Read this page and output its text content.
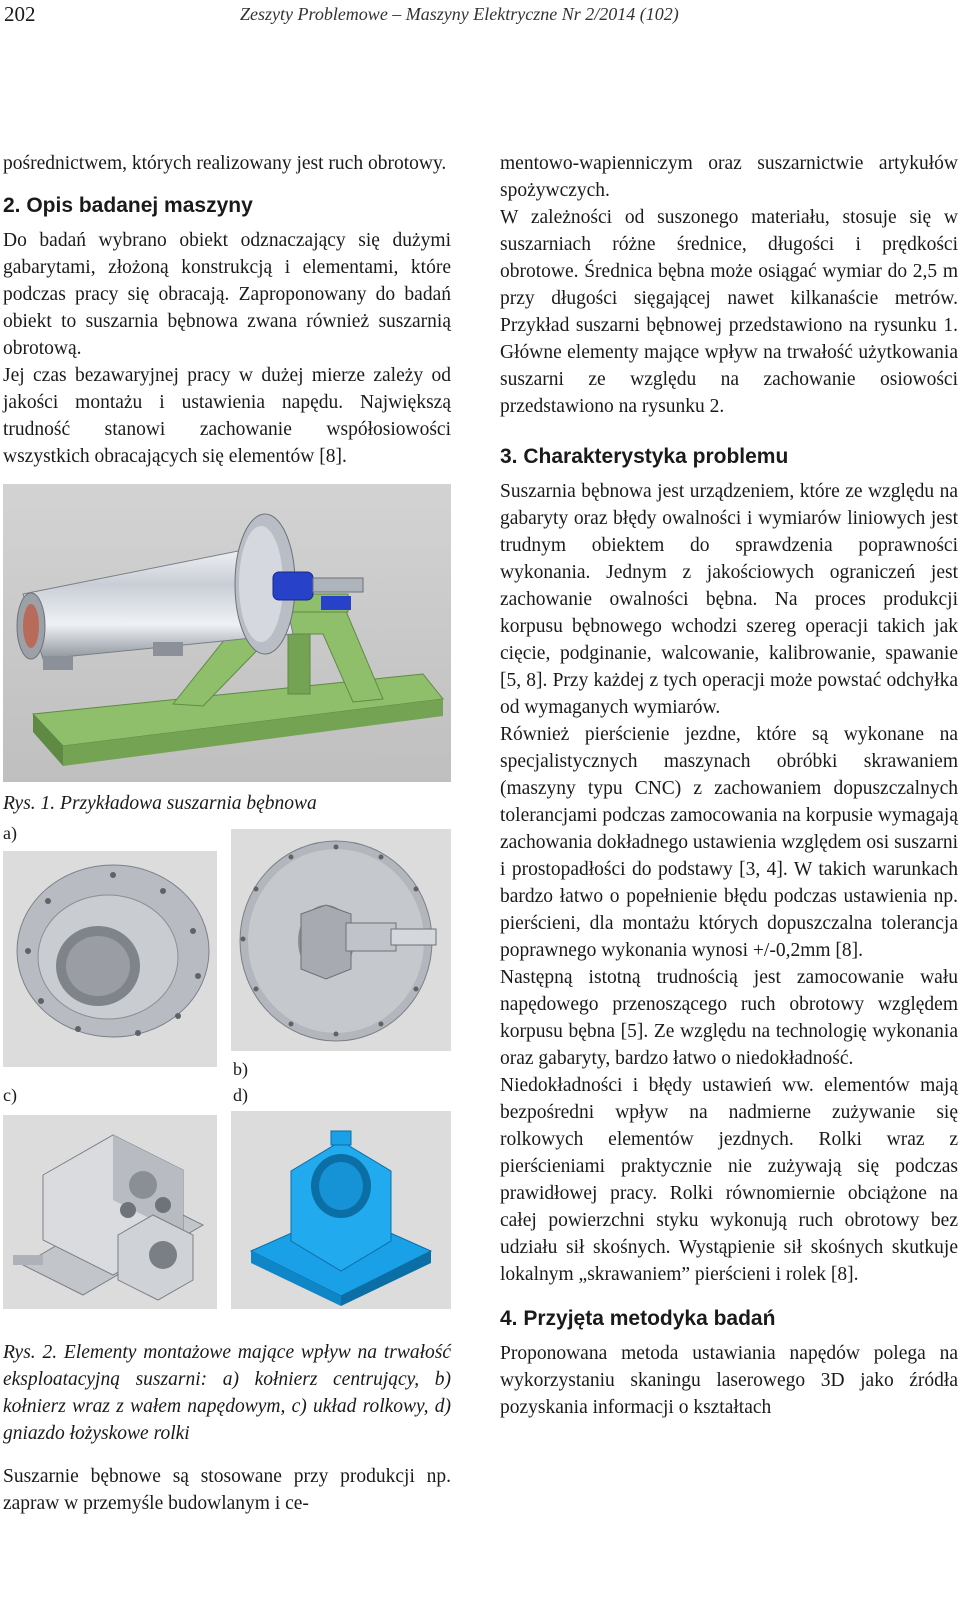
202	Zeszyty Problemowe – Maszyny Elektryczne Nr 2/2014 (102)

pośrednictwem, których realizowany jest ruch obrotowy.

2. Opis badanej maszyny

Do badań wybrano obiekt odznaczający się dużymi gabarytami, złożoną konstrukcją i elementami, które podczas pracy się obracają. Zaproponowany do badań obiekt to suszarnia bębnowa zwana również suszarnią obrotową.

Jej czas bezawaryjnej pracy w dużej mierze zależy od jakości montażu i ustawienia napędu. Największą trudność stanowi zachowanie współosiowości wszystkich obracających się elementów [8].

Rys. 1. Przykładowa suszarnia bębnowa

a)
b)
c)	d)

Rys. 2. Elementy montażowe mające wpływ na trwałość eksploatacyjną suszarni: a) kołnierz centrujący, b) kołnierz wraz z wałem napędowym, c) układ rolkowy, d) gniazdo łożyskowe rolki

Suszarnie bębnowe są stosowane przy produkcji np. zapraw w przemyśle budowlanym i ce-

mentowo-wapienniczym oraz suszarnictwie artykułów spożywczych.

W zależności od suszonego materiału, stosuje się w suszarniach różne średnice, długości i prędkości obrotowe. Średnica bębna może osiągać wymiar do 2,5 m przy długości sięgającej nawet kilkanaście metrów. Przykład suszarni bębnowej przedstawiono na rysunku 1. Główne elementy mające wpływ na trwałość użytkowania suszarni ze względu na zachowanie osiowości przedstawiono na rysunku 2.

3. Charakterystyka problemu

Suszarnia bębnowa jest urządzeniem, które ze względu na gabaryty oraz błędy owalności i wymiarów liniowych jest trudnym obiektem do sprawdzenia poprawności wykonania. Jednym z jakościowych ograniczeń jest zachowanie owalności bębna. Na proces produkcji korpusu bębnowego wchodzi szereg operacji takich jak cięcie, podginanie, walcowanie, kalibrowanie, spawanie [5, 8]. Przy każdej z tych operacji może powstać odchyłka od wymaganych wymiarów.

Również pierścienie jezdne, które są wykonane na specjalistycznych maszynach obróbki skrawaniem (maszyny typu CNC) z zachowaniem dopuszczalnych tolerancjami podczas zamocowania na korpusie wymagają zachowania dokładnego ustawienia względem osi suszarni i prostopadłości do podstawy [3, 4]. W takich warunkach bardzo łatwo o popełnienie błędu podczas ustawienia np. pierścieni, dla montażu których dopuszczalna tolerancja poprawnego wykonania wynosi +/-0,2mm [8].

Następną istotną trudnością jest zamocowanie wału napędowego przenoszącego ruch obrotowy względem korpusu bębna [5]. Ze względu na technologię wykonania oraz gabaryty, bardzo łatwo o niedokładność.

Niedokładności i błędy ustawień ww. elementów mają bezpośredni wpływ na nadmierne zużywanie się rolkowych elementów jezdnych. Rolki wraz z pierścieniami praktycznie nie zużywają się podczas prawidłowej pracy. Rolki równomiernie obciążone na całej powierzchni styku wykonują ruch obrotowy bez udziału sił skośnych. Wystąpienie sił skośnych skutkuje lokalnym „skrawaniem” pierścieni i rolek [8].

4. Przyjęta metodyka badań

Proponowana metoda ustawiania napędów polega na wykorzystaniu skaningu laserowego 3D jako źródła pozyskania informacji o kształtach
